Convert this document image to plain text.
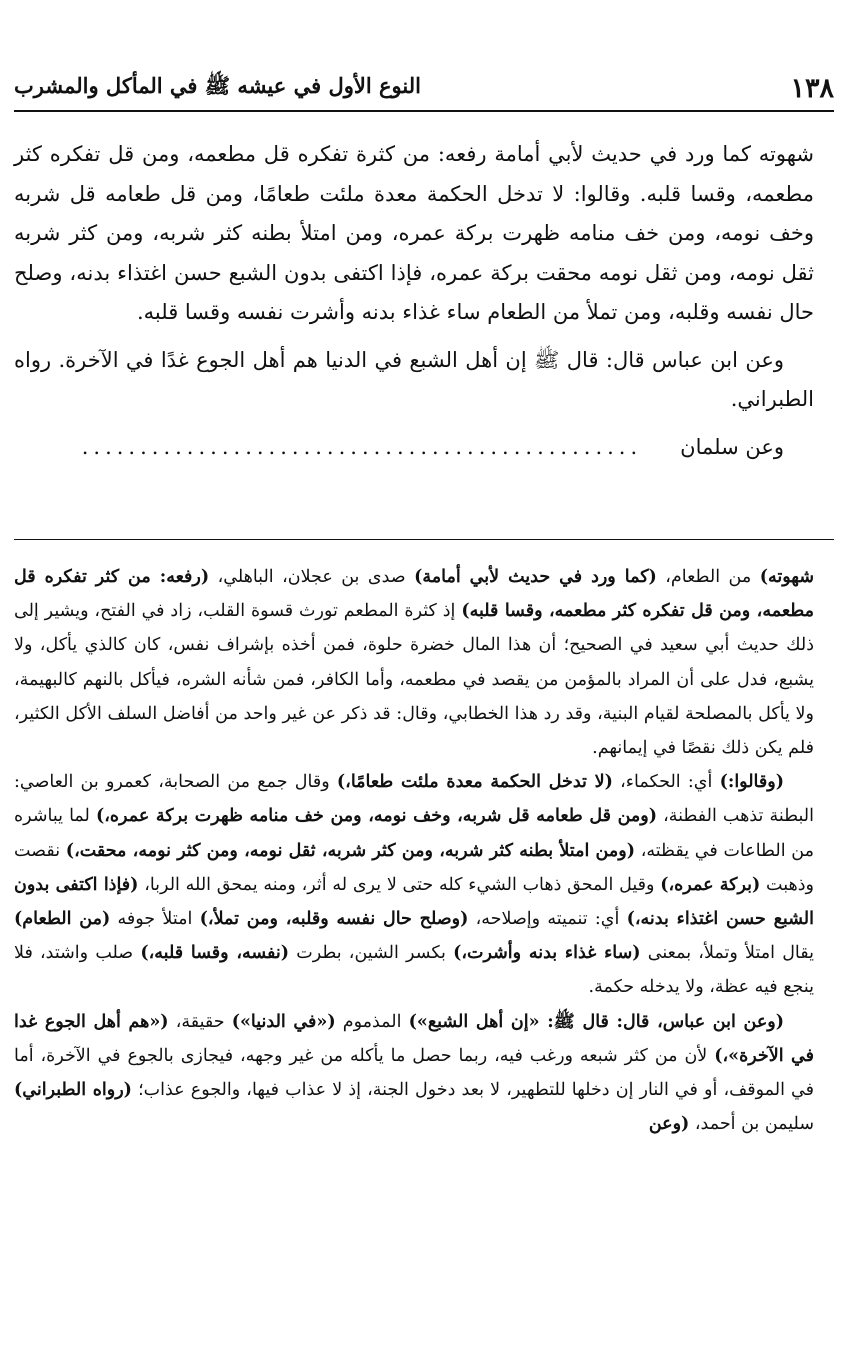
١٣٨
النوع الأول في عيشه ﷺ في المأكل والمشرب

شهوته كما ورد في حديث لأبي أمامة رفعه: من كثرة تفكره قل مطعمه، ومن قل تفكره كثر مطعمه، وقسا قلبه. وقالوا: لا تدخل الحكمة معدة ملئت طعامًا، ومن قل طعامه قل شربه وخف نومه، ومن خف منامه ظهرت بركة عمره، ومن امتلأ بطنه كثر شربه، ومن كثر شربه ثقل نومه، ومن ثقل نومه محقت بركة عمره، فإذا اكتفى بدون الشبع حسن اغتذاء بدنه، وصلح حال نفسه وقلبه، ومن تملأ من الطعام ساء غذاء بدنه وأشرت نفسه وقسا قلبه.

وعن ابن عباس قال: قال ﷺ إن أهل الشبع في الدنيا هم أهل الجوع غدًا في الآخرة. رواه الطبراني.

وعن سلمان
................................................

شهوته) من الطعام، (كما ورد في حديث لأبي أمامة) صدى بن عجلان، الباهلي، (رفعه: من كثر تفكره قل مطعمه، ومن قل تفكره كثر مطعمه، وقسا قلبه) إذ كثرة المطعم تورث قسوة القلب، زاد في الفتح، ويشير إلى ذلك حديث أبي سعيد في الصحيح؛ أن هذا المال خضرة حلوة، فمن أخذه بإشراف نفس، كان كالذي يأكل، ولا يشبع، فدل على أن المراد بالمؤمن من يقصد في مطعمه، وأما الكافر، فمن شأنه الشره، فيأكل بالنهم كالبهيمة، ولا يأكل بالمصلحة لقيام البنية، وقد رد هذا الخطابي، وقال: قد ذكر عن غير واحد من أفاضل السلف الأكل الكثير، فلم يكن ذلك نقصًا في إيمانهم.

(وقالوا:) أي: الحكماء، (لا تدخل الحكمة معدة ملئت طعامًا،) وقال جمع من الصحابة، كعمرو بن العاصي: البطنة تذهب الفطنة، (ومن قل طعامه قل شربه، وخف نومه، ومن خف منامه ظهرت بركة عمره،) لما يباشره من الطاعات في يقظته، (ومن امتلأ بطنه كثر شربه، ومن كثر شربه، ثقل نومه، ومن كثر نومه، محقت،) نقصت وذهبت (بركة عمره،) وقيل المحق ذهاب الشيء كله حتى لا يرى له أثر، ومنه يمحق الله الربا، (فإذا اكتفى بدون الشبع حسن اغتذاء بدنه،) أي: تنميته وإصلاحه، (وصلح حال نفسه وقلبه، ومن تملأ،) امتلأ جوفه (من الطعام) يقال امتلأ وتملأ، بمعنى (ساء غذاء بدنه وأشرت،) بكسر الشين، بطرت (نفسه، وقسا قلبه،) صلب واشتد، فلا ينجع فيه عظة، ولا يدخله حكمة.

(وعن ابن عباس، قال: قال ﷺ: «إن أهل الشبع») المذموم («في الدنيا») حقيقة، («هم أهل الجوع غدا في الآخرة»،) لأن من كثر شبعه ورغب فيه، ربما حصل ما يأكله من غير وجهه، فيجازى بالجوع في الآخرة، أما في الموقف، أو في النار إن دخلها للتطهير، لا بعد دخول الجنة، إذ لا عذاب فيها، والجوع عذاب؛ (رواه الطبراني) سليمن بن أحمد، (وعن
